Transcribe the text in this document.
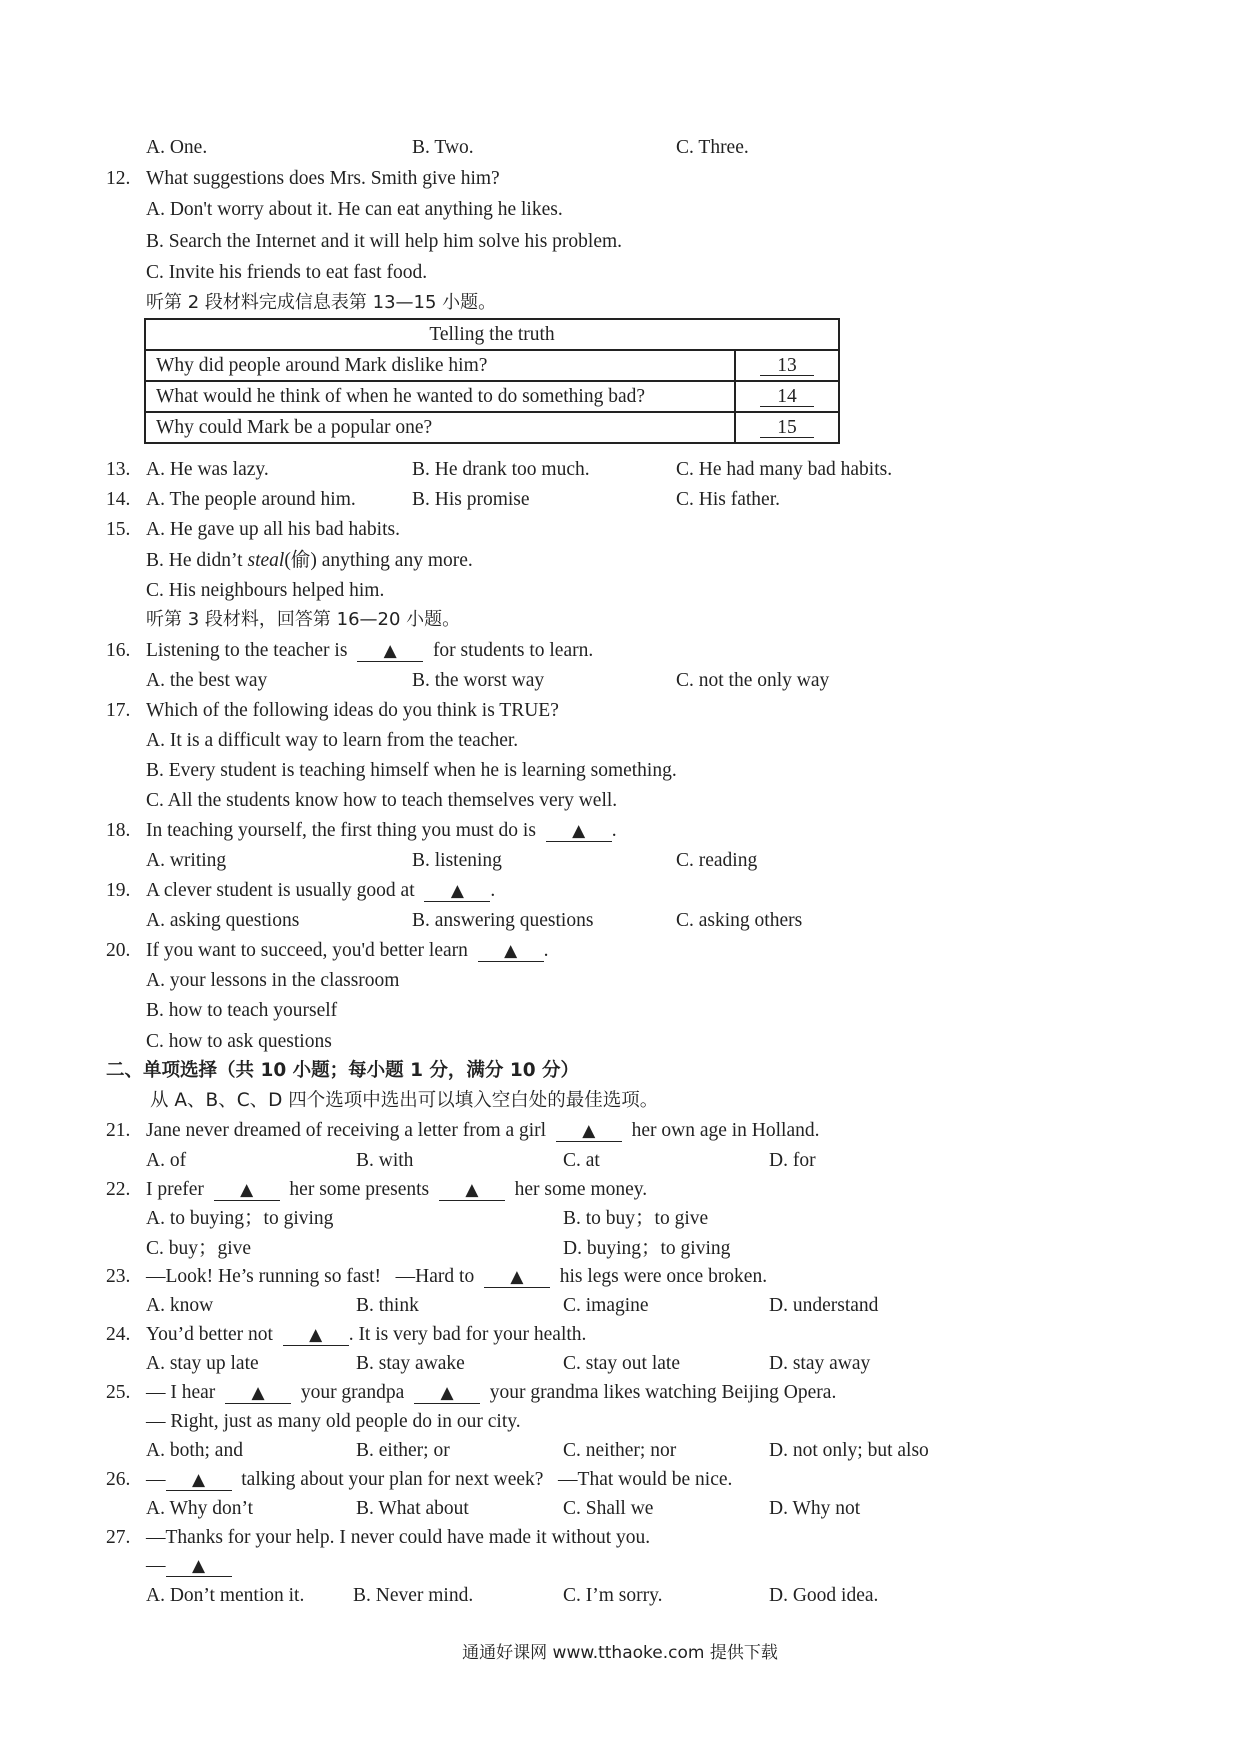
A. One.	B. Two.	C. Three.
12. What suggestions does Mrs. Smith give him?
A. Don't worry about it. He can eat anything he likes.
B. Search the Internet and it will help him solve his problem.
C. Invite his friends to eat fast food.
听第 2 段材料完成信息表第 13—15 小题。
Telling the truth	
Why did people around Mark dislike him?	13
What would he think of when he wanted to do something bad?	14
Why could Mark be a popular one?	15
13. A. He was lazy.	B. He drank too much.	C. He had many bad habits.
14. A. The people around him.	B. His promise	C. His father.
15. A. He gave up all his bad habits.
B. He didn’t steal(偷) anything any more.
C. His neighbours helped him.
听第 3 段材料，回答第 16—20 小题。
16. Listening to the teacher is ▲ for students to learn.
A. the best way	B. the worst way	C. not the only way
17. Which of the following ideas do you think is TRUE?
A. It is a difficult way to learn from the teacher.
B. Every student is teaching himself when he is learning something.
C. All the students know how to teach themselves very well.
18. In teaching yourself, the first thing you must do is ▲ .
A. writing	B. listening	C. reading
19. A clever student is usually good at ▲ .
A. asking questions	B. answering questions	C. asking others
20. If you want to succeed, you'd better learn ▲ .
A. your lessons in the classroom
B. how to teach yourself
C. how to ask questions
二、单项选择（共 10 小题；每小题 1 分，满分 10 分）
从 A、B、C、D 四个选项中选出可以填入空白处的最佳选项。
21. Jane never dreamed of receiving a letter from a girl ▲ her own age in Holland.
A. of	B. with	C. at	D. for
22. I prefer ▲ her some presents ▲ her some money.
A. to buying；to giving	B. to buy；to give
C. buy；give	D. buying；to giving
23. —Look! He’s running so fast!   —Hard to ▲ his legs were once broken.
A. know	B. think	C. imagine	D. understand
24. You’d better not ▲ . It is very bad for your health.
A. stay up late	B. stay awake	C. stay out late	D. stay away
25. — I hear ▲ your grandpa ▲ your grandma likes watching Beijing Opera.
— Right, just as many old people do in our city.
A. both; and	B. either; or	C. neither; nor	D. not only; but also
26. — ▲ talking about your plan for next week?   —That would be nice.
A. Why don’t	B. What about	C. Shall we	D. Why not
27. —Thanks for your help. I never could have made it without you.
— ▲
A. Don’t mention it. B. Never mind.	C. I’m sorry.	D. Good idea.
通通好课网 www.tthaoke.com 提供下载
